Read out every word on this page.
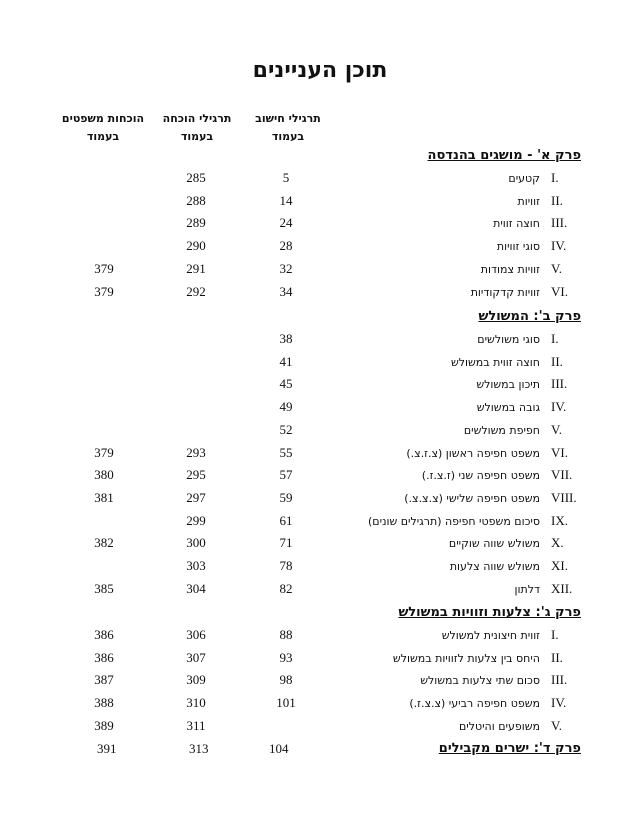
תוכן העניינים
תרגילי חישוב
בעמוד
תרגילי הוכחה
בעמוד
הוכחות משפטים
בעמוד
פרק א' - מושגים בהנדסה
I.
קטעים
5
285
II.
זוויות
14
288
III.
חוצה זווית
24
289
IV.
סוגי זוויות
28
290
V.
זוויות צמודות
32
291
379
VI.
זוויות קדקודיות
34
292
379
פרק ב': המשולש
I.
סוגי משולשים
38
II.
חוצה זווית במשולש
41
III.
תיכון במשולש
45
IV.
גובה במשולש
49
V.
חפיפת משולשים
52
VI.
משפט חפיפה ראשון (צ.ז.צ.)
55
293
379
VII.
משפט חפיפה שני (ז.צ.ז.)
57
295
380
VIII.
משפט חפיפה שלישי (צ.צ.צ.)
59
297
381
IX.
סיכום משפטי חפיפה (תרגילים שונים)
61
299
X.
משולש שווה שוקיים
71
300
382
XI.
משולש שווה צלעות
78
303
XII.
דלתון
82
304
385
פרק ג': צלעות וזוויות במשולש
I.
זווית חיצונית למשולש
88
306
386
II.
היחס בין צלעות לזוויות במשולש
93
307
386
III.
סכום שתי צלעות במשולש
98
309
387
IV.
משפט חפיפה רביעי (צ.צ.ז.)
101
310
388
V.
משופעים והיטלים
311
389
פרק ד': ישרים מקבילים
104
313
391
